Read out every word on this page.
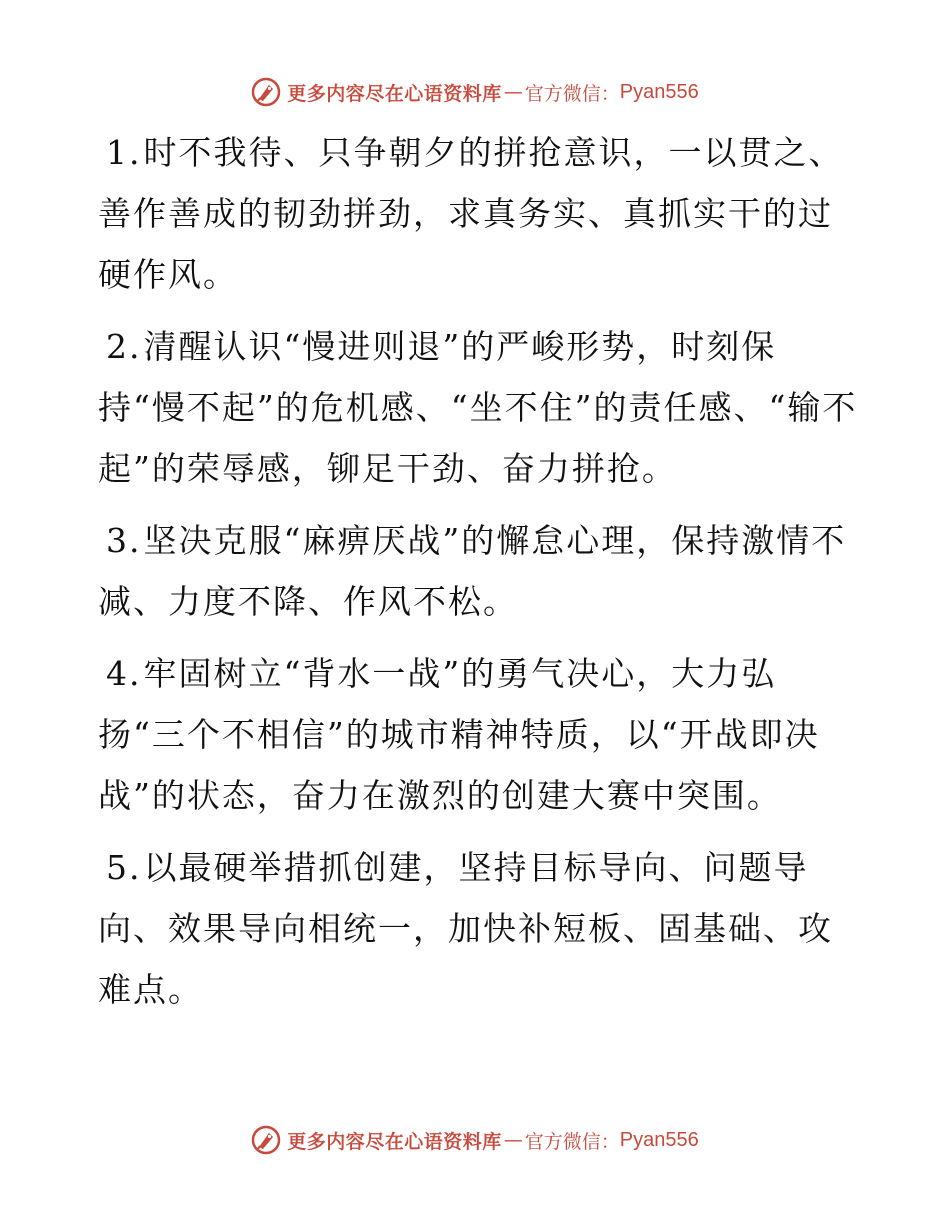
更多内容尽在心语资料库 — 官方微信： Pyan556

1.时不我待、只争朝夕的拼抢意识，一以贯之、善作善成的韧劲拼劲，求真务实、真抓实干的过硬作风。

2.清醒认识“慢进则退”的严峻形势，时刻保持“慢不起”的危机感、“坐不住”的责任感、“输不起”的荣辱感，铆足干劲、奋力拼抢。

3.坚决克服“麻痹厌战”的懈怠心理，保持激情不减、力度不降、作风不松。

4.牢固树立“背水一战”的勇气决心，大力弘扬“三个不相信”的城市精神特质，以“开战即决战”的状态，奋力在激烈的创建大赛中突围。

5.以最硬举措抓创建，坚持目标导向、问题导向、效果导向相统一，加快补短板、固基础、攻难点。

更多内容尽在心语资料库 — 官方微信： Pyan556
